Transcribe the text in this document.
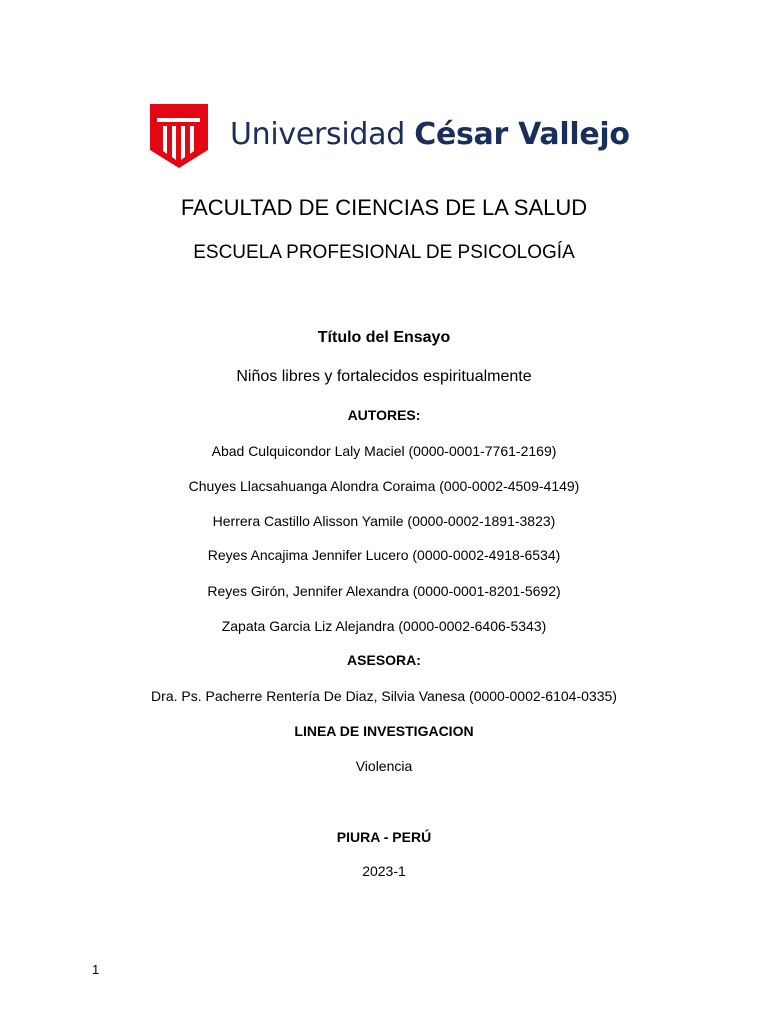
Universidad César Vallejo
FACULTAD DE CIENCIAS DE LA SALUD
ESCUELA PROFESIONAL DE PSICOLOGÍA
Título del Ensayo
Niños libres y fortalecidos espiritualmente
AUTORES:
Abad Culquicondor Laly Maciel (0000-0001-7761-2169)
Chuyes Llacsahuanga Alondra Coraima (000-0002-4509-4149)
Herrera Castillo Alisson Yamile (0000-0002-1891-3823)
Reyes Ancajima Jennifer Lucero (0000-0002-4918-6534)
Reyes Girón, Jennifer Alexandra (0000-0001-8201-5692)
Zapata Garcia Liz Alejandra (0000-0002-6406-5343)
ASESORA:
Dra. Ps. Pacherre Rentería De Diaz, Silvia Vanesa (0000-0002-6104-0335)
LINEA DE INVESTIGACION
Violencia
PIURA - PERÚ
2023-1
1
